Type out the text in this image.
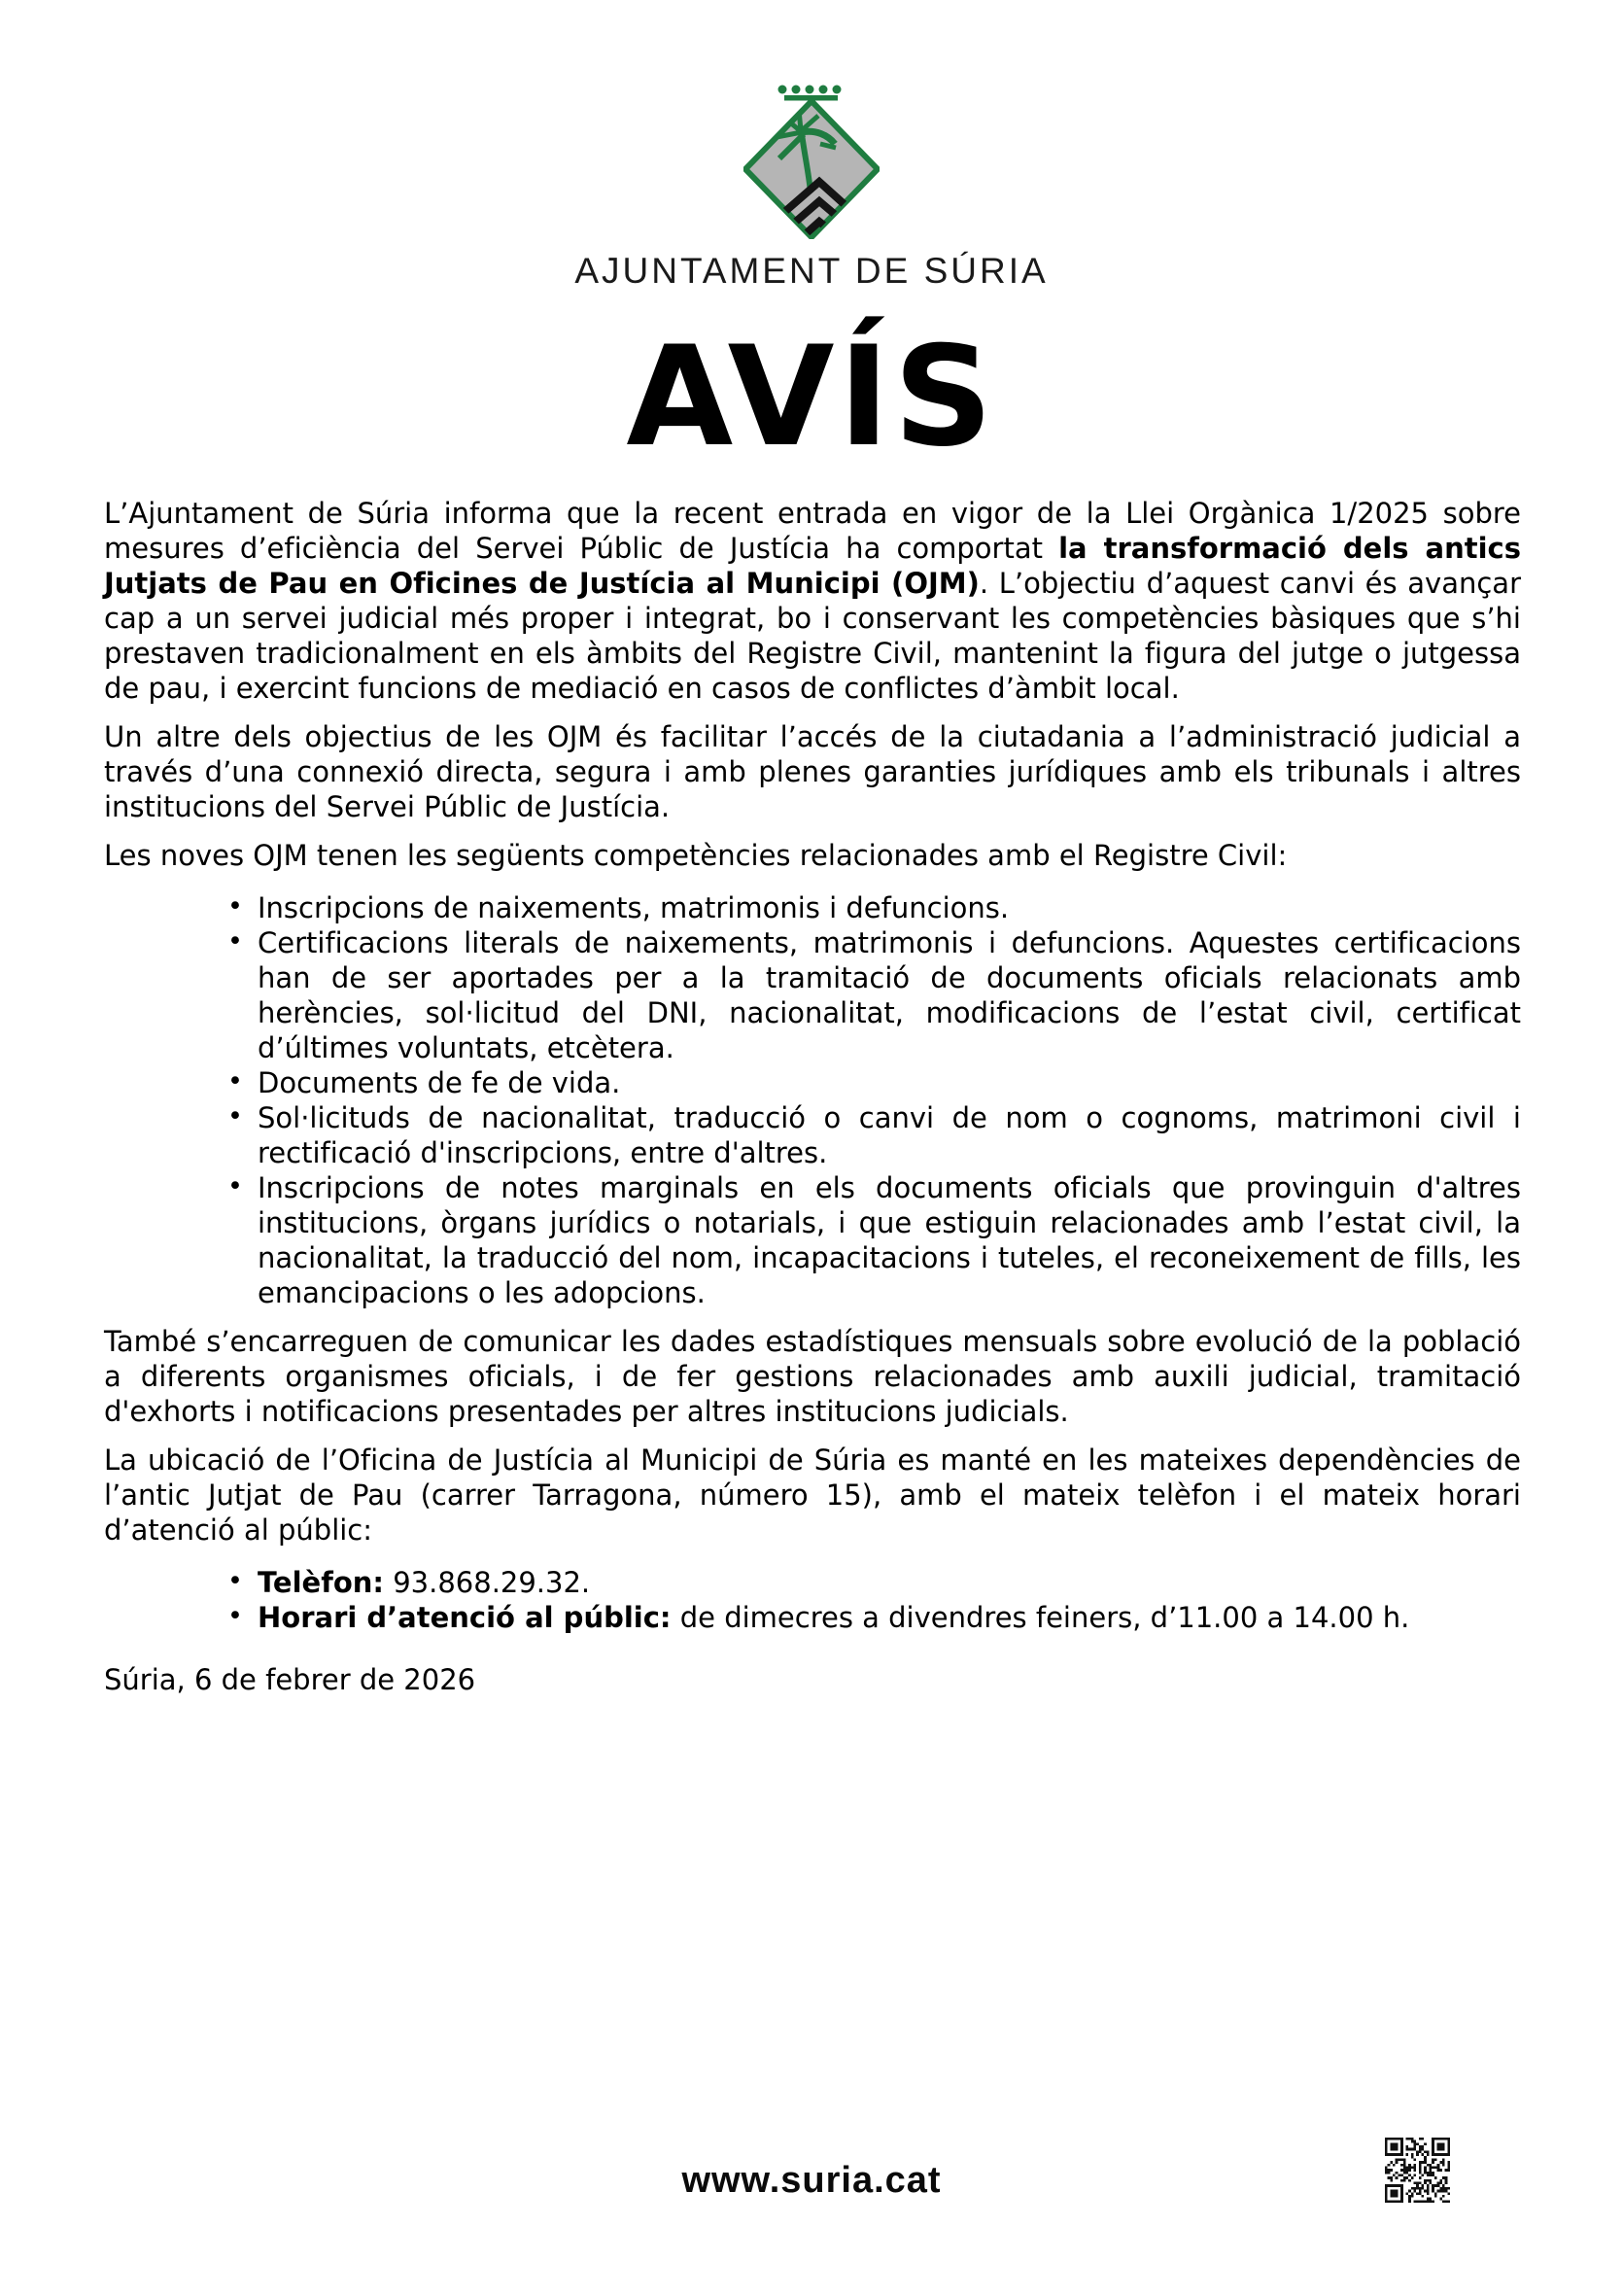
AJUNTAMENT DE SÚRIA
AVÍS

L’Ajuntament de Súria informa que la recent entrada en vigor de la Llei Orgànica 1/2025 sobre mesures d’eficiència del Servei Públic de Justícia ha comportat la transformació dels antics Jutjats de Pau en Oficines de Justícia al Municipi (OJM). L’objectiu d’aquest canvi és avançar cap a un servei judicial més proper i integrat, bo i conservant les competències bàsiques que s’hi prestaven tradicionalment en els àmbits del Registre Civil, mantenint la figura del jutge o jutgessa de pau, i exercint funcions de mediació en casos de conflictes d’àmbit local.

Un altre dels objectius de les OJM és facilitar l’accés de la ciutadania a l’administració judicial a través d’una connexió directa, segura i amb plenes garanties jurídiques amb els tribunals i altres institucions del Servei Públic de Justícia.

Les noves OJM tenen les següents competències relacionades amb el Registre Civil:

• Inscripcions de naixements, matrimonis i defuncions.
• Certificacions literals de naixements, matrimonis i defuncions. Aquestes certificacions han de ser aportades per a la tramitació de documents oficials relacionats amb herències, sol·licitud del DNI, nacionalitat, modificacions de l’estat civil, certificat d’últimes voluntats, etcètera.
• Documents de fe de vida.
• Sol·licituds de nacionalitat, traducció o canvi de nom o cognoms, matrimoni civil i rectificació d'inscripcions, entre d'altres.
• Inscripcions de notes marginals en els documents oficials que provinguin d'altres institucions, òrgans jurídics o notarials, i que estiguin relacionades amb l’estat civil, la nacionalitat, la traducció del nom, incapacitacions i tuteles, el reconeixement de fills, les emancipacions o les adopcions.

També s’encarreguen de comunicar les dades estadístiques mensuals sobre evolució de la població a diferents organismes oficials, i de fer gestions relacionades amb auxili judicial, tramitació d'exhorts i notificacions presentades per altres institucions judicials.

La ubicació de l’Oficina de Justícia al Municipi de Súria es manté en les mateixes dependències de l’antic Jutjat de Pau (carrer Tarragona, número 15), amb el mateix telèfon i el mateix horari d’atenció al públic:

• Telèfon: 93.868.29.32.
• Horari d’atenció al públic: de dimecres a divendres feiners, d’11.00 a 14.00 h.

Súria, 6 de febrer de 2026

www.suria.cat
